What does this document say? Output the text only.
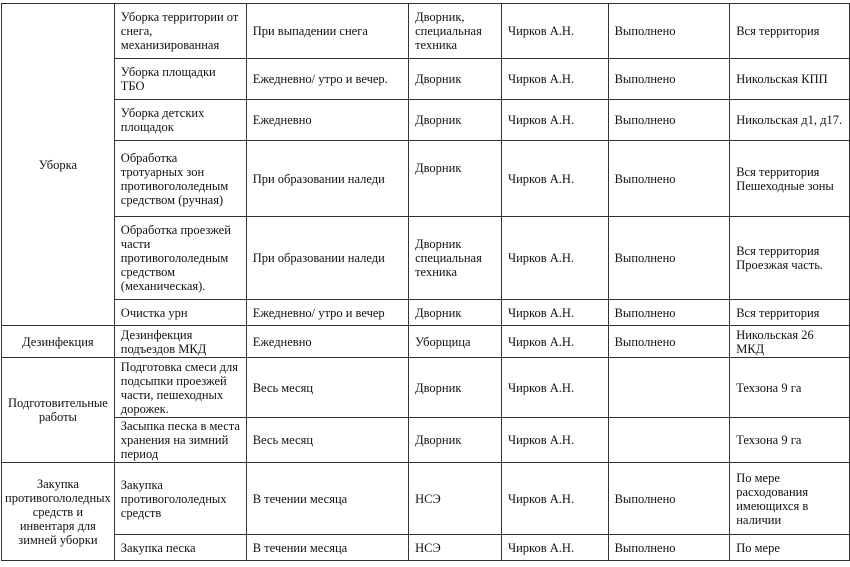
Уборка	Уборка территории от снега, механизированная	При выпадении снега	Дворник, специальная техника	Чирков А.Н.	Выполнено	Вся территория
	Уборка площадки ТБО	Ежедневно/ утро и вечер.	Дворник	Чирков А.Н.	Выполнено	Никольская КПП
	Уборка детских площадок	Ежедневно	Дворник	Чирков А.Н.	Выполнено	Никольская д1, д17.
	Обработка тротуарных зон противогололедным средством (ручная)	При образовании наледи	Дворник	Чирков А.Н.	Выполнено	Вся территория Пешеходные зоны
	Обработка проезжей части противогололедным средством (механическая).	При образовании наледи	Дворник специальная техника	Чирков А.Н.	Выполнено	Вся территория Проезжая часть.
	Очистка урн	Ежедневно/ утро и вечер	Дворник	Чирков А.Н.	Выполнено	Вся территория
Дезинфекция	Дезинфекция подъездов МКД	Ежедневно	Уборщица	Чирков А.Н.	Выполнено	Никольская 26 МКД
Подготовительные работы	Подготовка смеси для подсыпки проезжей части, пешеходных дорожек.	Весь месяц	Дворник	Чирков А.Н.		Техзона 9 га
	Засыпка песка в места хранения на зимний период	Весь месяц	Дворник	Чирков А.Н.		Техзона 9 га
Закупка противогололедных средств и инвентаря для зимней уборки	Закупка противогололедных средств	В течении месяца	НСЭ	Чирков А.Н.	Выполнено	По мере расходования имеющихся в наличии
	Закупка песка	В течении месяца	НСЭ	Чирков А.Н.	Выполнено	По мере
